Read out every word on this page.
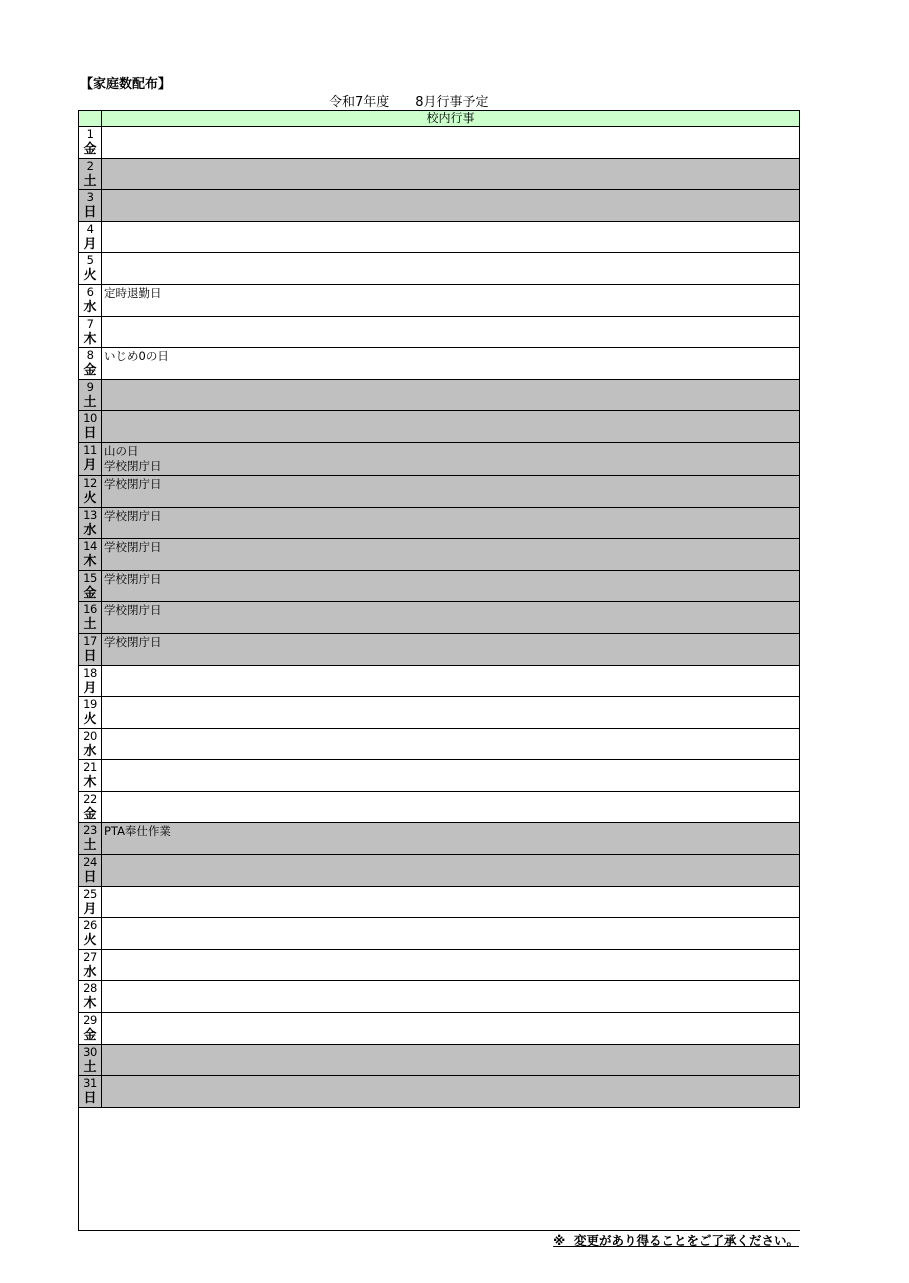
【家庭数配布】
令和7年度　　8月行事予定
	校内行事

1
金	

2
土	

3
日	

4
月	

5
火	

6
水	定時退勤日

7
木	

8
金	いじめ0の日

9
土	

10
日	

11
月	山の日
学校閉庁日

12
火	学校閉庁日

13
水	学校閉庁日

14
木	学校閉庁日

15
金	学校閉庁日

16
土	学校閉庁日

17
日	学校閉庁日

18
月	

19
火	

20
水	

21
木	

22
金	

23
土	PTA奉仕作業

24
日	

25
月	

26
火	

27
水	

28
木	

29
金	

30
土	

31
日	

※  変更があり得ることをご了承ください。
